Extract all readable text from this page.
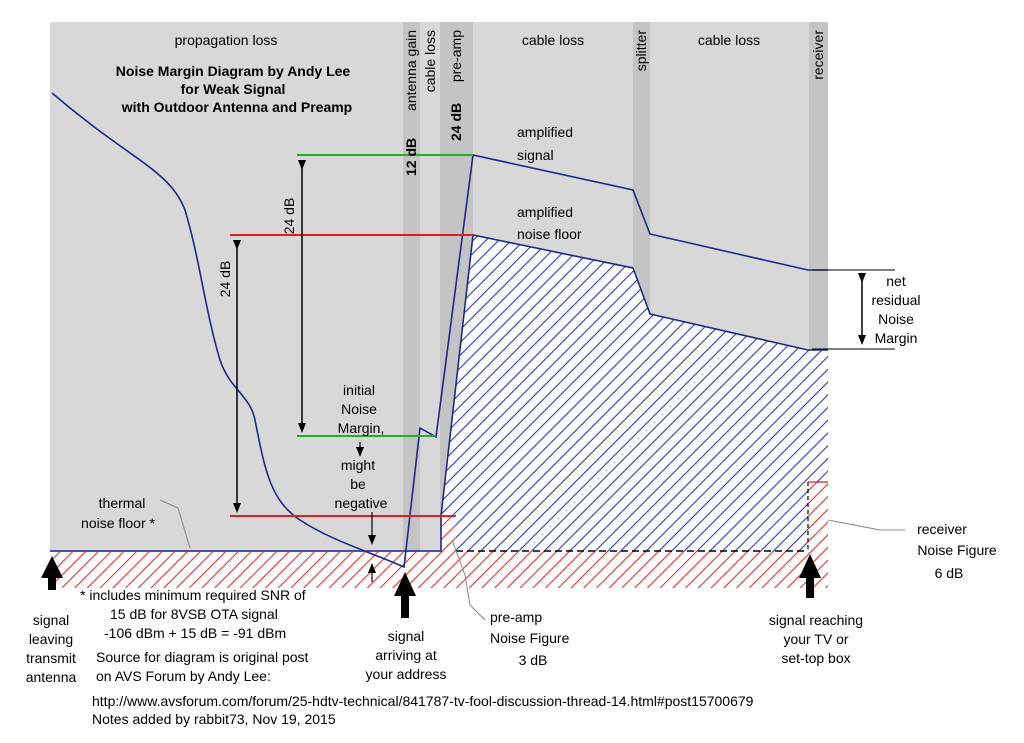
Noise Margin Diagram by Andy Lee
for Weak Signal
with Outdoor Antenna and Preamp
propagation loss	cable loss	cable loss
antenna gain
12 dB
cable loss pre-amp
24 dB
splitter	receiver
amplified
signal
amplified
noise floor
24 dB
24 dB
initial
Noise
Margin,
might
be
negative
thermal
noise floor *
net
residual
Noise
Margin
receiver
Noise Figure
6 dB
pre-amp
Noise Figure
3 dB
signal
leaving
transmit
antenna
signal
arriving at
your address
signal reaching
your TV or
set-top box
* includes minimum required SNR of
15 dB for 8VSB OTA signal
-106 dBm + 15 dB = -91 dBm
Source for diagram is original post
on AVS Forum by Andy Lee:
http://www.avsforum.com/forum/25-hdtv-technical/841787-tv-fool-discussion-thread-14.html#post15700679
Notes added by rabbit73, Nov 19, 2015
